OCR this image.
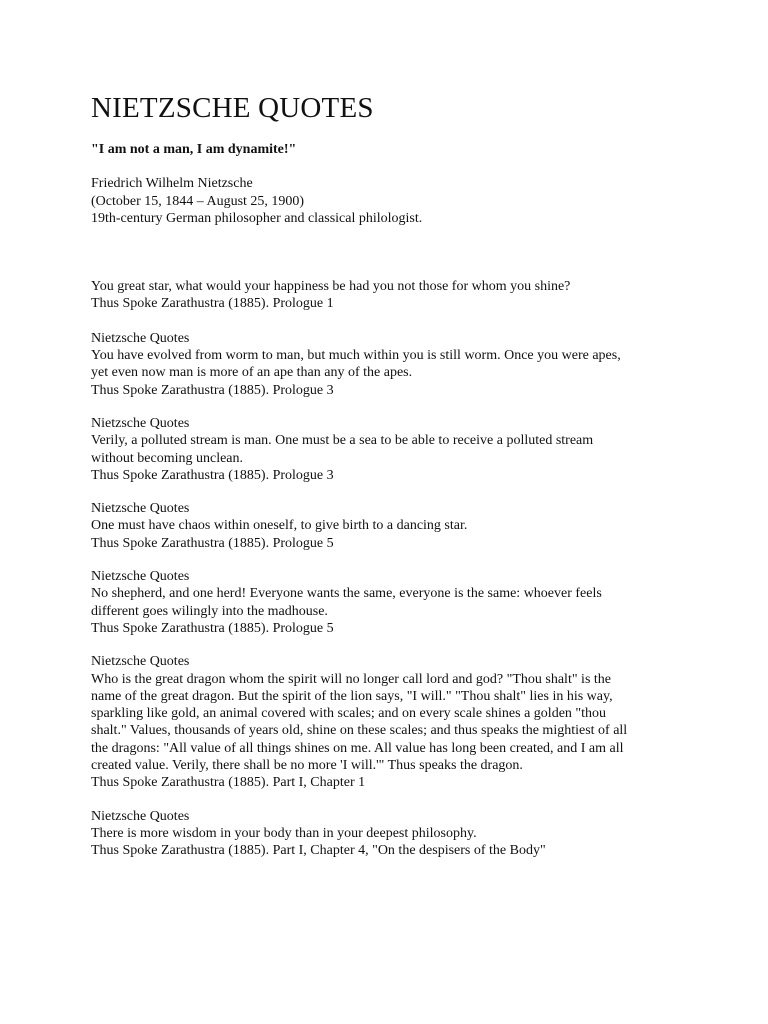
NIETZSCHE QUOTES
"I am not a man, I am dynamite!"
Friedrich Wilhelm Nietzsche
(October 15, 1844 – August 25, 1900)
19th-century German philosopher and classical philologist.
You great star, what would your happiness be had you not those for whom you shine?
Thus Spoke Zarathustra (1885). Prologue 1
Nietzsche Quotes
You have evolved from worm to man, but much within you is still worm. Once you were apes,
yet even now man is more of an ape than any of the apes.
Thus Spoke Zarathustra (1885). Prologue 3
Nietzsche Quotes
Verily, a polluted stream is man. One must be a sea to be able to receive a polluted stream
without becoming unclean.
Thus Spoke Zarathustra (1885). Prologue 3
Nietzsche Quotes
One must have chaos within oneself, to give birth to a dancing star.
Thus Spoke Zarathustra (1885). Prologue 5
Nietzsche Quotes
No shepherd, and one herd! Everyone wants the same, everyone is the same: whoever feels
different goes wilingly into the madhouse.
Thus Spoke Zarathustra (1885). Prologue 5
Nietzsche Quotes
Who is the great dragon whom the spirit will no longer call lord and god? "Thou shalt" is the
name of the great dragon. But the spirit of the lion says, "I will." "Thou shalt" lies in his way,
sparkling like gold, an animal covered with scales; and on every scale shines a golden "thou
shalt." Values, thousands of years old, shine on these scales; and thus speaks the mightiest of all
the dragons: "All value of all things shines on me. All value has long been created, and I am all
created value. Verily, there shall be no more 'I will.'" Thus speaks the dragon.
Thus Spoke Zarathustra (1885). Part I, Chapter 1
Nietzsche Quotes
There is more wisdom in your body than in your deepest philosophy.
Thus Spoke Zarathustra (1885). Part I, Chapter 4, "On the despisers of the Body"
